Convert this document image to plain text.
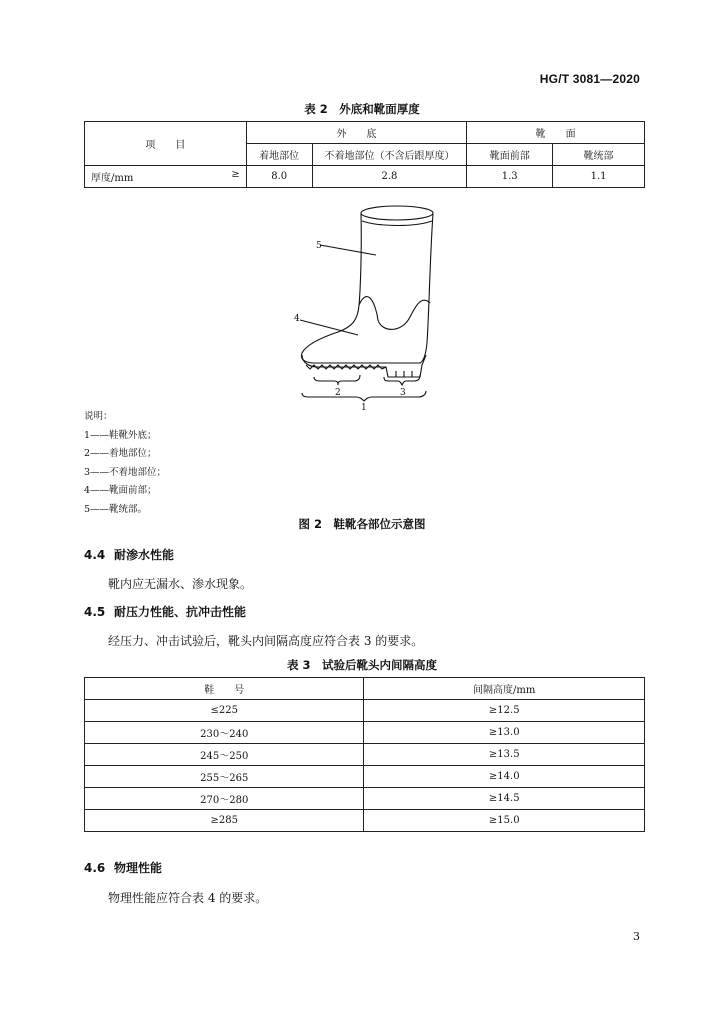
HG/T 3081—2020
表 2　外底和靴面厚度
项　　目	外　　底		靴　　面	
	着地部位	不着地部位（不含后跟厚度）	靴面前部	靴统部
厚度/mm ≥	8.0	2.8	1.3	1.1
5
4
2	3
1
说明：
1——鞋靴外底；
2——着地部位；
3——不着地部位；
4——靴面前部；
5——靴统部。
图 2　鞋靴各部位示意图
4.4 耐渗水性能
靴内应无漏水、渗水现象。
4.5 耐压力性能、抗冲击性能
经压力、冲击试验后，靴头内间隔高度应符合表 3 的要求。
表 3　试验后靴头内间隔高度
鞋　　号	间隔高度/mm
≤225	≥12.5
230～240	≥13.0
245～250	≥13.5
255～265	≥14.0
270～280	≥14.5
≥285	≥15.0
4.6 物理性能
物理性能应符合表 4 的要求。
3
